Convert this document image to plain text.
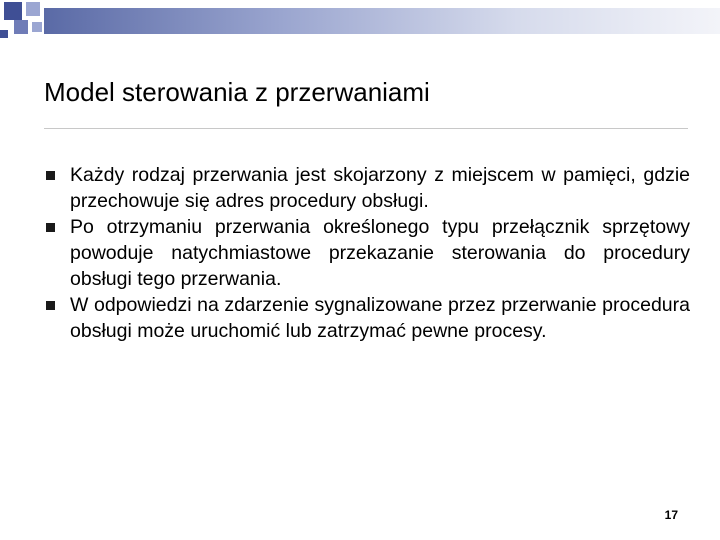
Model sterowania z przerwaniami
Każdy rodzaj przerwania jest skojarzony z miejscem w pamięci, gdzie przechowuje się adres procedury obsługi.
Po otrzymaniu przerwania określonego typu przełącznik sprzętowy powoduje natychmiastowe przekazanie sterowania do procedury obsługi tego przerwania.
W odpowiedzi na zdarzenie sygnalizowane przez przerwanie procedura obsługi może uruchomić lub zatrzymać pewne procesy.
17
